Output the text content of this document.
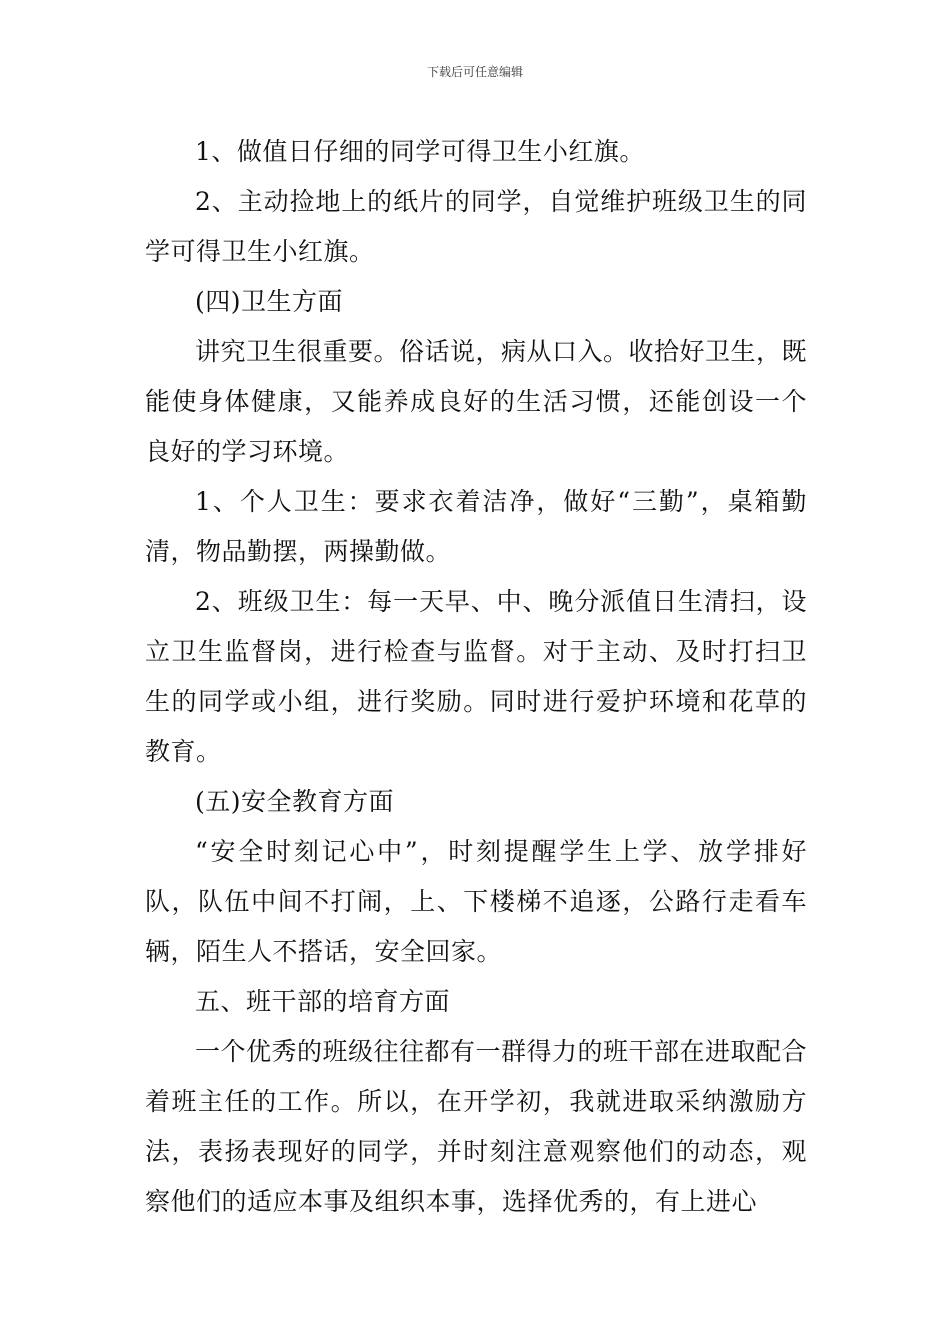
下载后可任意编辑

1、做值日仔细的同学可得卫生小红旗。

2、主动捡地上的纸片的同学，自觉维护班级卫生的同学可得卫生小红旗。

(四)卫生方面

讲究卫生很重要。俗话说，病从口入。收拾好卫生，既能使身体健康，又能养成良好的生活习惯，还能创设一个良好的学习环境。

1、个人卫生：要求衣着洁净，做好“三勤”，桌箱勤清，物品勤摆，两操勤做。

2、班级卫生：每一天早、中、晚分派值日生清扫，设立卫生监督岗，进行检查与监督。对于主动、及时打扫卫生的同学或小组，进行奖励。同时进行爱护环境和花草的教育。

(五)安全教育方面

“安全时刻记心中”，时刻提醒学生上学、放学排好队，队伍中间不打闹，上、下楼梯不追逐，公路行走看车辆，陌生人不搭话，安全回家。

五、班干部的培育方面

一个优秀的班级往往都有一群得力的班干部在进取配合着班主任的工作。所以，在开学初，我就进取采纳激励方法，表扬表现好的同学，并时刻注意观察他们的动态，观察他们的适应本事及组织本事，选择优秀的，有上进心
